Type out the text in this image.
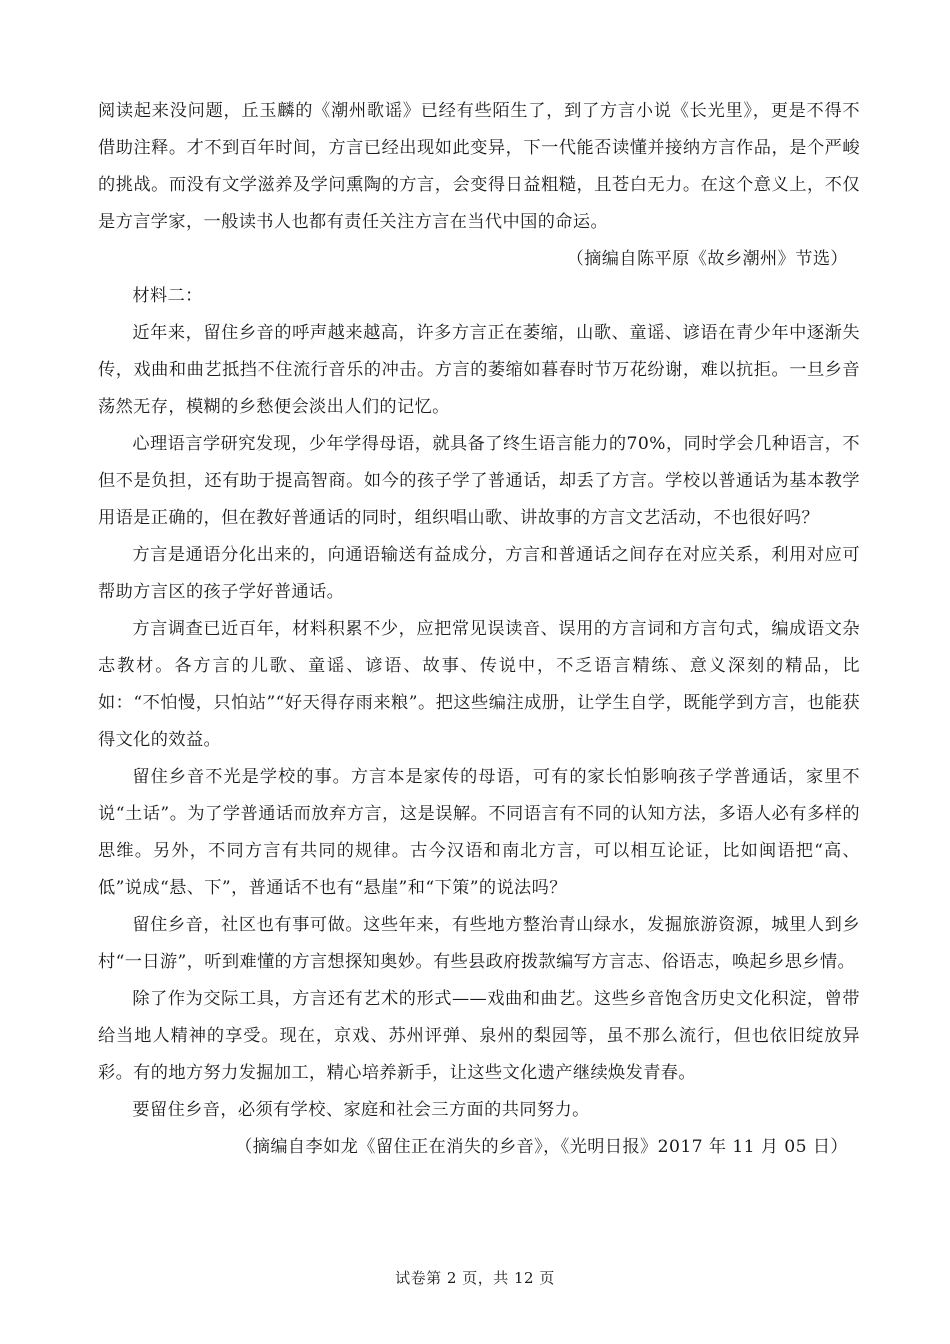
阅读起来没问题，丘玉麟的《潮州歌谣》已经有些陌生了，到了方言小说《长光里》，更是不得不借助注释。才不到百年时间，方言已经出现如此变异，下一代能否读懂并接纳方言作品，是个严峻的挑战。而没有文学滋养及学问熏陶的方言，会变得日益粗糙，且苍白无力。在这个意义上，不仅是方言学家，一般读书人也都有责任关注方言在当代中国的命运。

（摘编自陈平原《故乡潮州》节选）

材料二：

近年来，留住乡音的呼声越来越高，许多方言正在萎缩，山歌、童谣、谚语在青少年中逐渐失传，戏曲和曲艺抵挡不住流行音乐的冲击。方言的萎缩如暮春时节万花纷谢，难以抗拒。一旦乡音荡然无存，模糊的乡愁便会淡出人们的记忆。

心理语言学研究发现，少年学得母语，就具备了终生语言能力的70%，同时学会几种语言，不但不是负担，还有助于提高智商。如今的孩子学了普通话，却丢了方言。学校以普通话为基本教学用语是正确的，但在教好普通话的同时，组织唱山歌、讲故事的方言文艺活动，不也很好吗？

方言是通语分化出来的，向通语输送有益成分，方言和普通话之间存在对应关系，利用对应可帮助方言区的孩子学好普通话。

方言调查已近百年，材料积累不少，应把常见误读音、误用的方言词和方言句式，编成语文杂志教材。各方言的儿歌、童谣、谚语、故事、传说中，不乏语言精练、意义深刻的精品，比如：“不怕慢，只怕站”“好天得存雨来粮”。把这些编注成册，让学生自学，既能学到方言，也能获得文化的效益。

留住乡音不光是学校的事。方言本是家传的母语，可有的家长怕影响孩子学普通话，家里不说“土话”。为了学普通话而放弃方言，这是误解。不同语言有不同的认知方法，多语人必有多样的思维。另外，不同方言有共同的规律。古今汉语和南北方言，可以相互论证，比如闽语把“高、低”说成“悬、下”，普通话不也有“悬崖”和“下策”的说法吗？

留住乡音，社区也有事可做。这些年来，有些地方整治青山绿水，发掘旅游资源，城里人到乡村“一日游”，听到难懂的方言想探知奥妙。有些县政府拨款编写方言志、俗语志，唤起乡思乡情。

除了作为交际工具，方言还有艺术的形式——戏曲和曲艺。这些乡音饱含历史文化积淀，曾带给当地人精神的享受。现在，京戏、苏州评弹、泉州的梨园等，虽不那么流行，但也依旧绽放异彩。有的地方努力发掘加工，精心培养新手，让这些文化遗产继续焕发青春。

要留住乡音，必须有学校、家庭和社会三方面的共同努力。

（摘编自李如龙《留住正在消失的乡音》，《光明日报》2017 年 11 月 05 日）

试卷第 2 页，共 12 页
